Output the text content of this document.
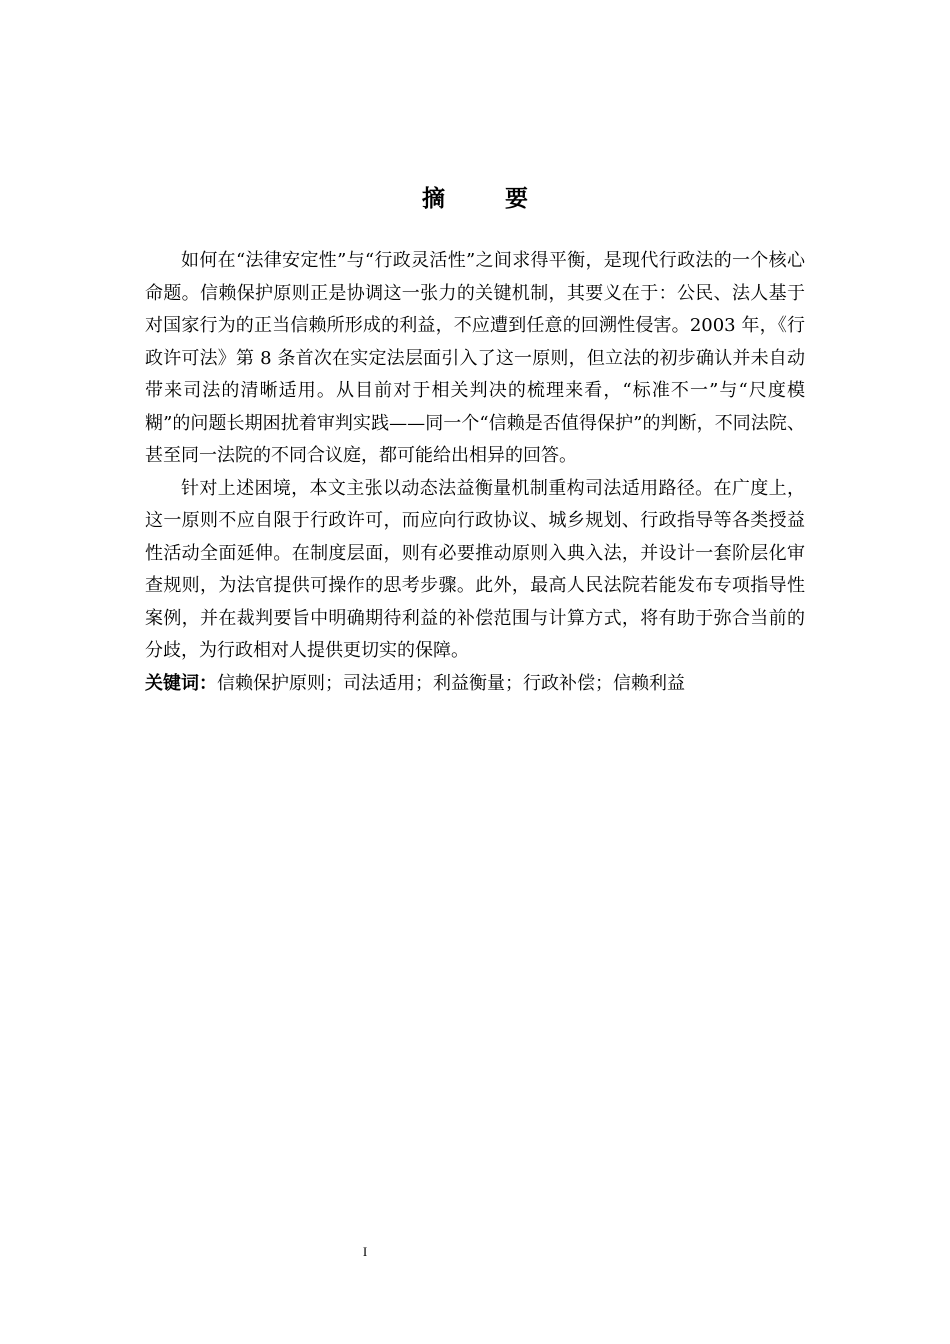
摘 要

如何在“法律安定性”与“行政灵活性”之间求得平衡，是现代行政法的一个核心命题。信赖保护原则正是协调这一张力的关键机制，其要义在于：公民、法人基于对国家行为的正当信赖所形成的利益，不应遭到任意的回溯性侵害。2003 年，《行政许可法》第 8 条首次在实定法层面引入了这一原则，但立法的初步确认并未自动带来司法的清晰适用。从目前对于相关判决的梳理来看，“标准不一”与“尺度模糊”的问题长期困扰着审判实践——同一个“信赖是否值得保护”的判断，不同法院、甚至同一法院的不同合议庭，都可能给出相异的回答。

针对上述困境，本文主张以动态法益衡量机制重构司法适用路径。在广度上，这一原则不应自限于行政许可，而应向行政协议、城乡规划、行政指导等各类授益性活动全面延伸。在制度层面，则有必要推动原则入典入法，并设计一套阶层化审查规则，为法官提供可操作的思考步骤。此外，最高人民法院若能发布专项指导性案例，并在裁判要旨中明确期待利益的补偿范围与计算方式，将有助于弥合当前的分歧，为行政相对人提供更切实的保障。

关键词：信赖保护原则；司法适用；利益衡量；行政补偿；信赖利益

I
